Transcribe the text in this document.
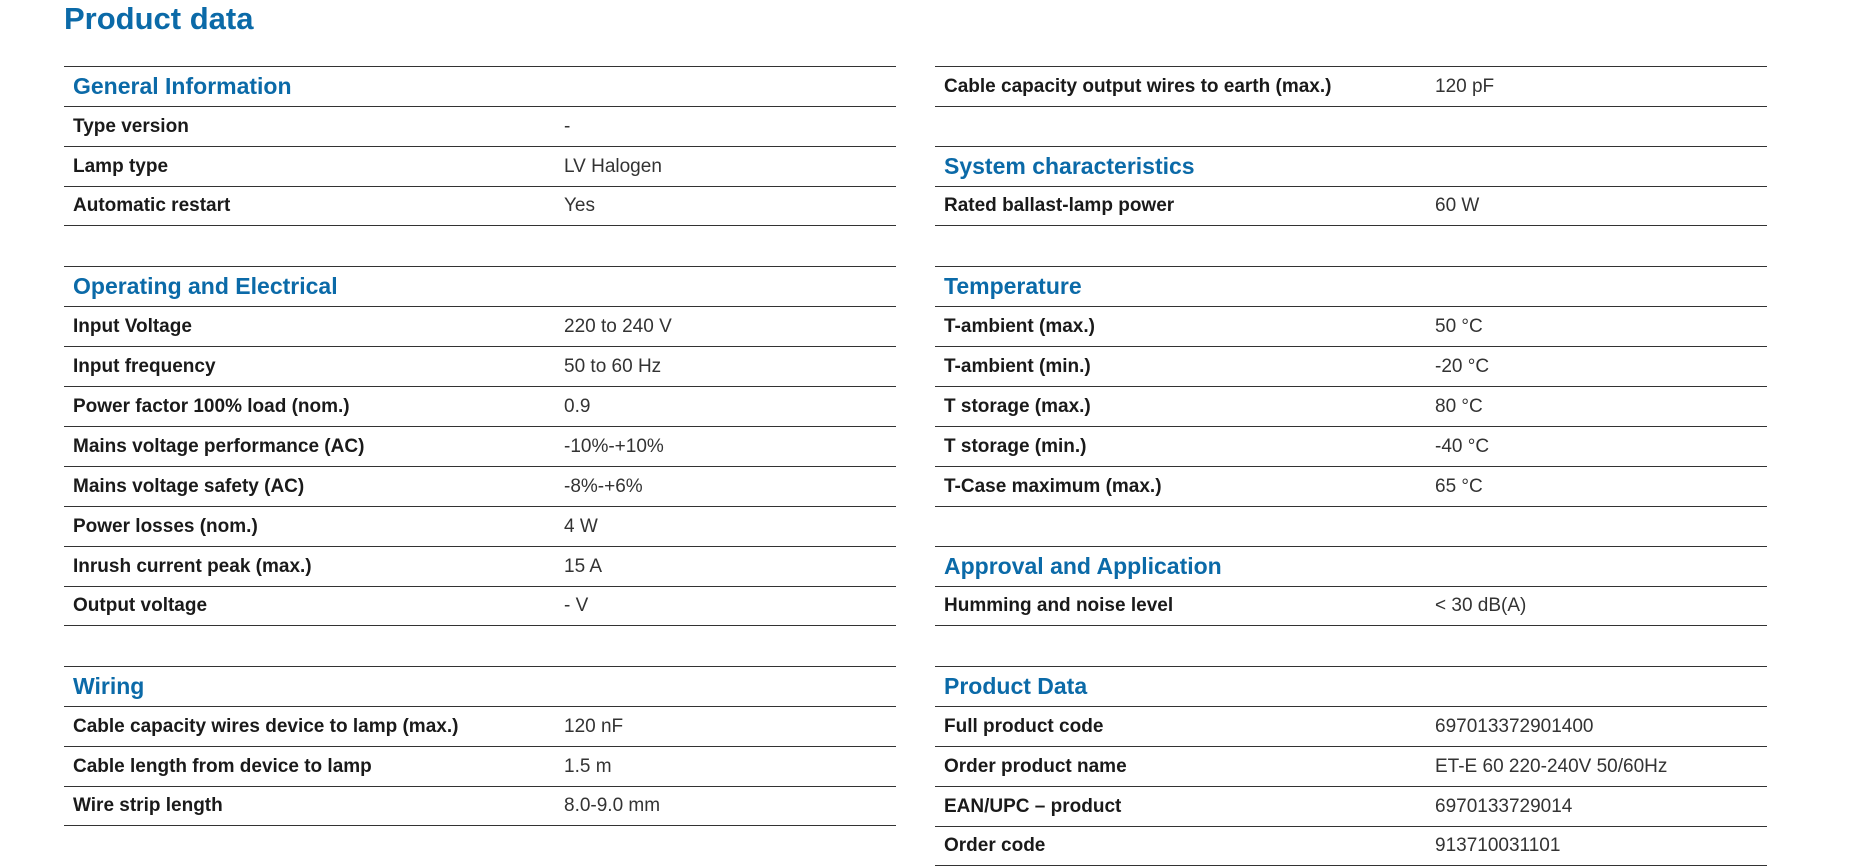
Product data
General Information
Type version	-
Lamp type	LV Halogen
Automatic restart	Yes
Operating and Electrical
Input Voltage	220 to 240 V
Input frequency	50 to 60 Hz
Power factor 100% load (nom.)	0.9
Mains voltage performance (AC)	-10%-+10%
Mains voltage safety (AC)	-8%-+6%
Power losses (nom.)	4 W
Inrush current peak (max.)	15 A
Output voltage	- V
Wiring
Cable capacity wires device to lamp (max.)	120 nF
Cable length from device to lamp	1.5 m
Wire strip length	8.0-9.0 mm
Cable capacity output wires to earth (max.)	120 pF
System characteristics
Rated ballast-lamp power	60 W
Temperature
T-ambient (max.)	50 °C
T-ambient (min.)	-20 °C
T storage (max.)	80 °C
T storage (min.)	-40 °C
T-Case maximum (max.)	65 °C
Approval and Application
Humming and noise level	< 30 dB(A)
Product Data
Full product code	697013372901400
Order product name	ET-E 60 220-240V 50/60Hz
EAN/UPC – product	6970133729014
Order code	913710031101
